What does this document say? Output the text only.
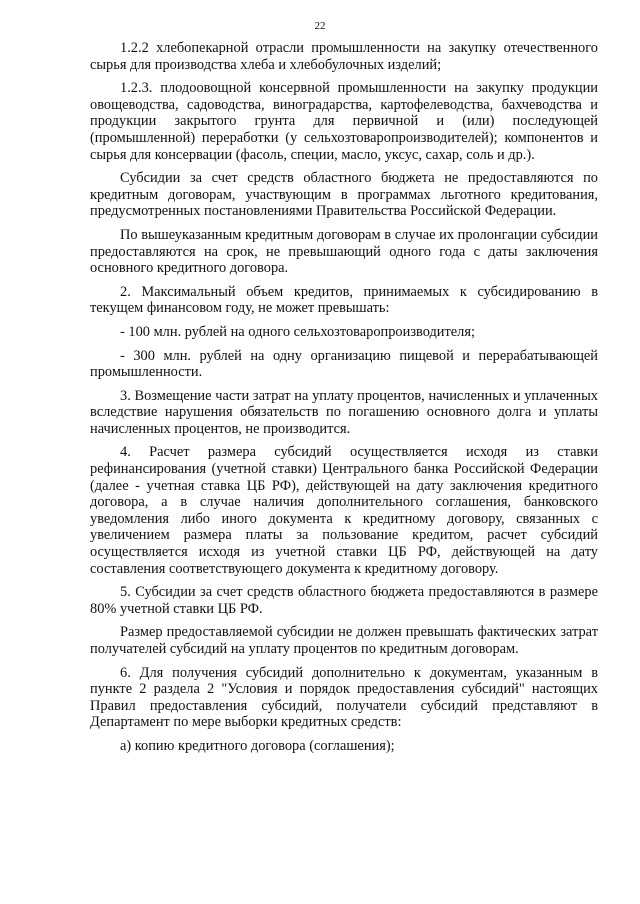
22

1.2.2 хлебопекарной отрасли промышленности на закупку отечественного сырья для производства хлеба и хлебобулочных изделий;

1.2.3. плодоовощной консервной промышленности на закупку продукции овощеводства, садоводства, виноградарства, картофелеводства, бахчеводства и продукции закрытого грунта для первичной и (или) последующей (промышленной) переработки (у сельхозтоваропроизводителей); компонентов и сырья для консервации (фасоль, специи, масло, уксус, сахар, соль и др.).

Субсидии за счет средств областного бюджета не предоставляются по кредитным договорам, участвующим в программах льготного кредитования, предусмотренных постановлениями Правительства Российской Федерации.

По вышеуказанным кредитным договорам в случае их пролонгации субсидии предоставляются на срок, не превышающий одного года с даты заключения основного кредитного договора.

2. Максимальный объем кредитов, принимаемых к субсидированию в текущем финансовом году, не может превышать:

- 100 млн. рублей на одного сельхозтоваропроизводителя;

- 300 млн. рублей на одну организацию пищевой и перерабатывающей промышленности.

3. Возмещение части затрат на уплату процентов, начисленных и уплаченных вследствие нарушения обязательств по погашению основного долга и уплаты начисленных процентов, не производится.

4. Расчет размера субсидий осуществляется исходя из ставки рефинансирования (учетной ставки) Центрального банка Российской Федерации (далее - учетная ставка ЦБ РФ), действующей на дату заключения кредитного договора, а в случае наличия дополнительного соглашения, банковского уведомления либо иного документа к кредитному договору, связанных с увеличением размера платы за пользование кредитом, расчет субсидий осуществляется исходя из учетной ставки ЦБ РФ, действующей на дату составления соответствующего документа к кредитному договору.

5. Субсидии за счет средств областного бюджета предоставляются в размере 80% учетной ставки ЦБ РФ.

Размер предоставляемой субсидии не должен превышать фактических затрат получателей субсидий на уплату процентов по кредитным договорам.

6. Для получения субсидий дополнительно к документам, указанным в пункте 2 раздела 2 "Условия и порядок предоставления субсидий" настоящих Правил предоставления субсидий, получатели субсидий представляют в Департамент по мере выборки кредитных средств:

а) копию кредитного договора (соглашения);
